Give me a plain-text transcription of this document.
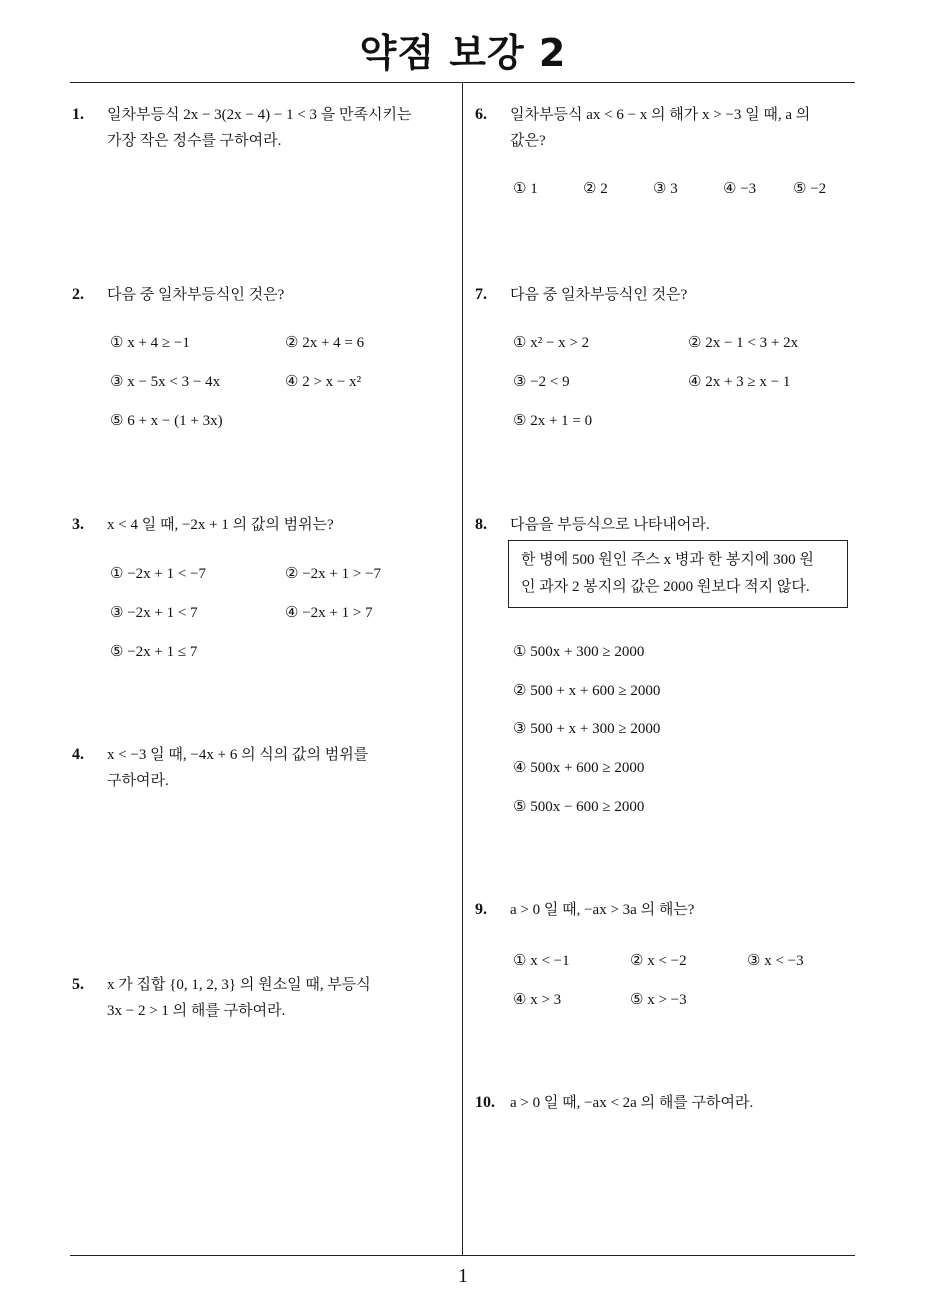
약점 보강 2
1
1. 일차부등식 2x − 3(2x − 4) − 1 < 3 을 만족시키는
가장 작은 정수를 구하여라.
2. 다음 중 일차부등식인 것은?
① x + 4 ≥ −1	② 2x + 4 = 6
③ x − 5x < 3 − 4x	④ 2 > x − x²
⑤ 6 + x − (1 + 3x)
3. x < 4 일 때, −2x + 1 의 값의 범위는?
① −2x + 1 < −7	② −2x + 1 > −7
③ −2x + 1 < 7	④ −2x + 1 > 7
⑤ −2x + 1 ≤ 7
4. x < −3 일 때, −4x + 6 의 식의 값의 범위를
구하여라.
5. x 가 집합 {0, 1, 2, 3} 의 원소일 때, 부등식
3x − 2 > 1 의 해를 구하여라.
6. 일차부등식 ax < 6 − x 의 해가 x > −3 일 때, a 의
값은?
① 1	② 2	③ 3	④ −3 ⑤ −2
7. 다음 중 일차부등식인 것은?
① x² − x > 2	② 2x − 1 < 3 + 2x
③ −2 < 9	④ 2x + 3 ≥ x − 1
⑤ 2x + 1 = 0
8. 다음을 부등식으로 나타내어라.
한 병에 500 원인 주스 x 병과 한 봉지에 300 원
인 과자 2 봉지의 값은 2000 원보다 적지 않다.
① 500x + 300 ≥ 2000
② 500 + x + 600 ≥ 2000
③ 500 + x + 300 ≥ 2000
④ 500x + 600 ≥ 2000
⑤ 500x − 600 ≥ 2000
9. a > 0 일 때, −ax > 3a 의 해는?
① x < −1	② x < −2	③ x < −3
④ x > 3	⑤ x > −3
10. a > 0 일 때, −ax < 2a 의 해를 구하여라.
